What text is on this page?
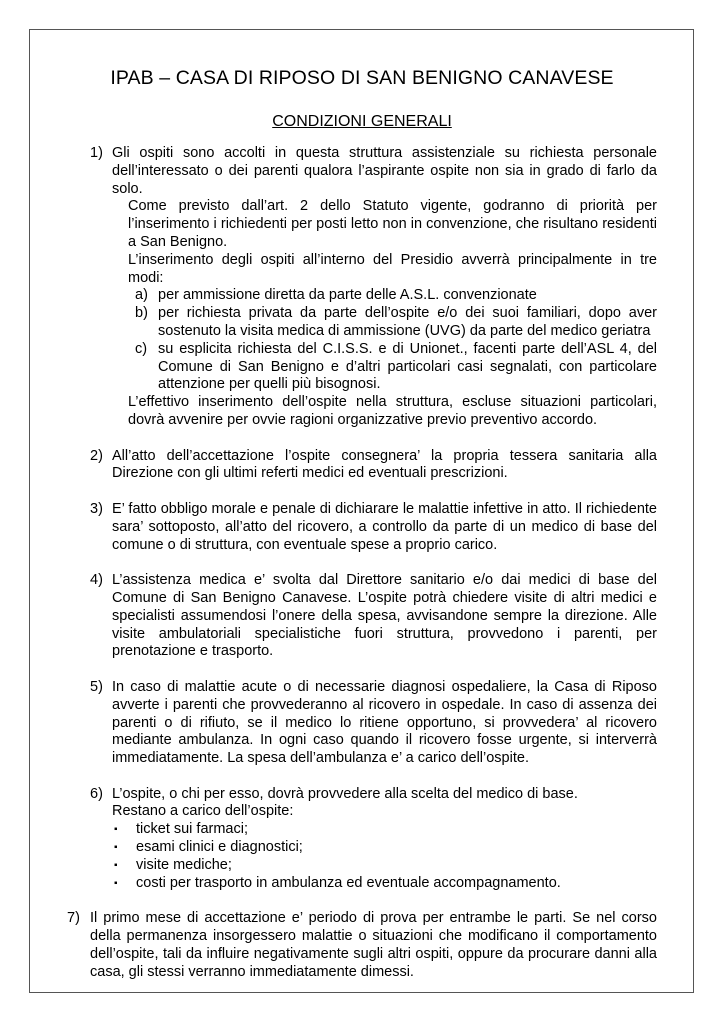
IPAB – CASA DI RIPOSO DI SAN BENIGNO CANAVESE
CONDIZIONI GENERALI
1) Gli ospiti sono accolti in questa struttura assistenziale su richiesta personale dell’interessato o dei parenti qualora l’aspirante ospite non sia in grado di farlo da solo.

Come previsto dall’art. 2 dello Statuto vigente, godranno di priorità per l’inserimento i richiedenti per posti letto non in convenzione, che risultano residenti a San Benigno.

L’inserimento degli ospiti all’interno del Presidio avverrà principalmente in tre modi:

a) per ammissione diretta da parte delle A.S.L. convenzionate

b) per richiesta privata da parte dell’ospite e/o dei suoi familiari, dopo aver sostenuto la visita medica di ammissione (UVG) da parte del medico geriatra

c) su esplicita richiesta del C.I.S.S. e di Unionet., facenti parte dell’ASL 4, del Comune di San Benigno e d’altri particolari casi segnalati, con particolare attenzione per quelli più bisognosi.

L’effettivo inserimento dell’ospite nella struttura, escluse situazioni particolari, dovrà avvenire per ovvie ragioni organizzative previo preventivo accordo.

2) All’atto dell’accettazione l’ospite consegnera’ la propria tessera sanitaria alla Direzione con gli ultimi referti medici ed eventuali prescrizioni.

3) E’ fatto obbligo morale e penale di dichiarare le malattie infettive in atto. Il richiedente sara’ sottoposto, all’atto del ricovero, a controllo da parte di un medico di base del comune o di struttura, con eventuale spese a proprio carico.

4) L’assistenza medica e’ svolta dal Direttore sanitario e/o dai medici di base del Comune di San Benigno Canavese. L’ospite potrà chiedere visite di altri medici e specialisti assumendosi l’onere della spesa, avvisandone sempre la direzione. Alle visite ambulatoriali specialistiche fuori struttura, provvedono i parenti, per prenotazione e trasporto.

5) In caso di malattie acute o di necessarie diagnosi ospedaliere, la Casa di Riposo avverte i parenti che provvederanno al ricovero in ospedale. In caso di assenza dei parenti o di rifiuto, se il medico lo ritiene opportuno, si provvedera’ al ricovero mediante ambulanza. In ogni caso quando il ricovero fosse urgente, si interverrà immediatamente. La spesa dell’ambulanza e’ a carico dell’ospite.

6) L’ospite, o chi per esso, dovrà provvedere alla scelta del medico di base.

Restano a carico dell’ospite:

▪ ticket sui farmaci;

▪ esami clinici e diagnostici;

▪ visite mediche;

▪ costi per trasporto in ambulanza ed eventuale accompagnamento.

7) Il primo mese di accettazione e’ periodo di prova per entrambe le parti. Se nel corso della permanenza insorgessero malattie o situazioni che modificano il comportamento dell’ospite, tali da influire negativamente sugli altri ospiti, oppure da procurare danni alla casa, gli stessi verranno immediatamente dimessi.
